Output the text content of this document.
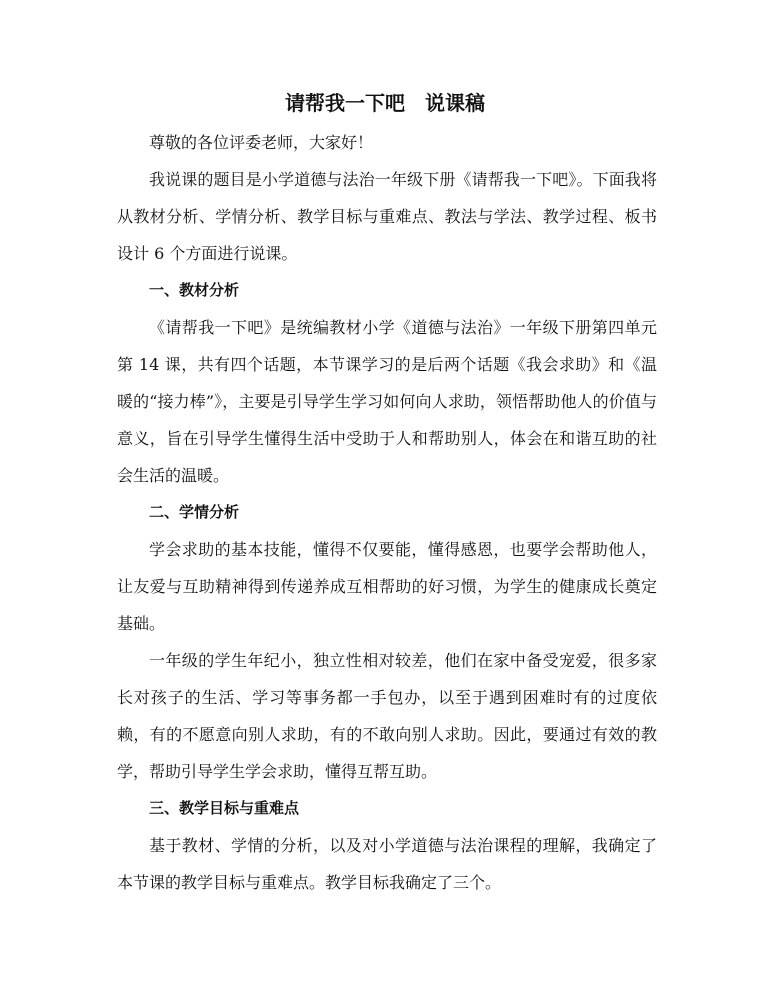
请帮我一下吧　说课稿

尊敬的各位评委老师，大家好！

我说课的题目是小学道德与法治一年级下册《请帮我一下吧》。下面我将从教材分析、学情分析、教学目标与重难点、教法与学法、教学过程、板书设计 6 个方面进行说课。

一、教材分析

《请帮我一下吧》是统编教材小学《道德与法治》一年级下册第四单元第 14 课，共有四个话题，本节课学习的是后两个话题《我会求助》和《温暖的“接力棒”》，主要是引导学生学习如何向人求助，领悟帮助他人的价值与意义，旨在引导学生懂得生活中受助于人和帮助别人，体会在和谐互助的社会生活的温暖。

二、学情分析

学会求助的基本技能，懂得不仅要能，懂得感恩，也要学会帮助他人，让友爱与互助精神得到传递养成互相帮助的好习惯，为学生的健康成长奠定基础。

一年级的学生年纪小，独立性相对较差，他们在家中备受宠爱，很多家长对孩子的生活、学习等事务都一手包办，以至于遇到困难时有的过度依赖，有的不愿意向别人求助，有的不敢向别人求助。因此，要通过有效的教学，帮助引导学生学会求助，懂得互帮互助。

三、教学目标与重难点

基于教材、学情的分析，以及对小学道德与法治课程的理解，我确定了本节课的教学目标与重难点。教学目标我确定了三个。
